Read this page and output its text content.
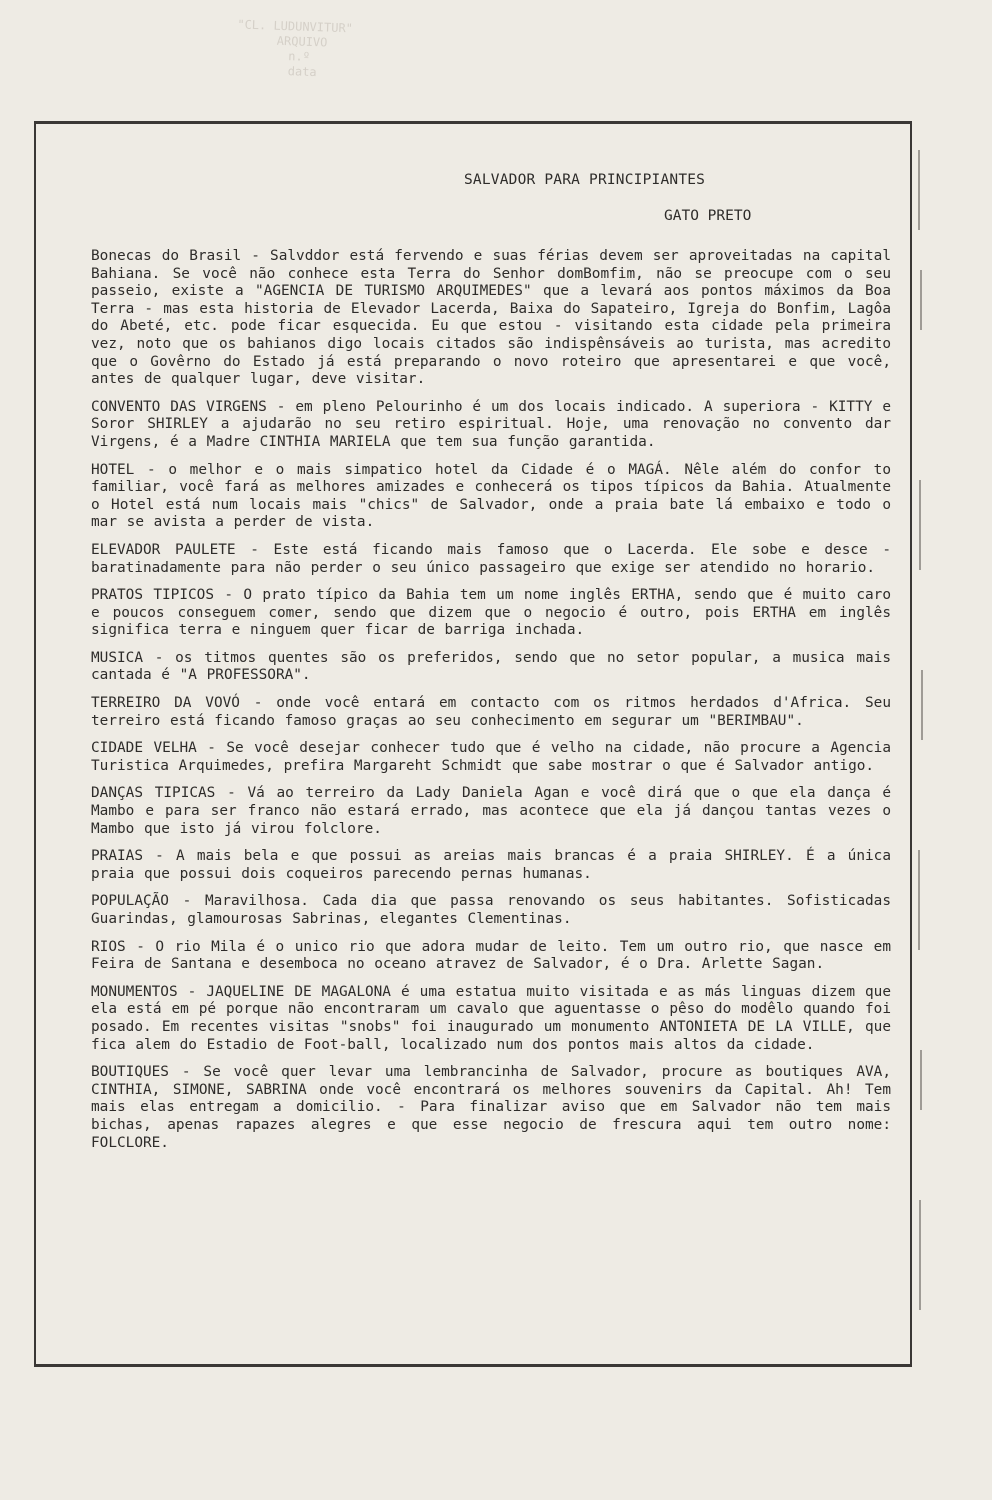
"CL. LUDUNVITUR"
ARQUIVO
n.º
data
SALVADOR PARA PRINCIPIANTES
GATO PRETO

Bonecas do Brasil - Salvddor está fervendo e suas férias devem ser aproveitadas na capital Bahiana. Se você não conhece esta Terra do Senhor domBomfim, não se preocupe com o seu passeio, existe a "AGENCIA DE TURISMO ARQUIMEDES" que a levará aos pontos máximos da Boa Terra - mas esta historia de Elevador Lacerda, Baixa do Sapateiro, Igreja do Bonfim, Lagôa do Abeté, etc. pode ficar esquecida. Eu que estou - visitando esta cidade pela primeira vez, noto que os bahianos digo locais citados são indispênsáveis ao turista, mas acredito que o Govêrno do Estado já está preparando o novo roteiro que apresentarei e que você, antes de qualquer lugar, deve visitar.

CONVENTO DAS VIRGENS - em pleno Pelourinho é um dos locais indicado. A superiora - KITTY e Soror SHIRLEY a ajudarão no seu retiro espiritual. Hoje, uma renovação no convento dar Virgens, é a Madre CINTHIA MARIELA que tem sua função garantida.

HOTEL - o melhor e o mais simpatico hotel da Cidade é o MAGÁ. Nêle além do confor to familiar, você fará as melhores amizades e conhecerá os tipos típicos da Bahia. Atualmente o Hotel está num locais mais "chics" de Salvador, onde a praia bate lá embaixo e todo o mar se avista a perder de vista.

ELEVADOR PAULETE - Este está ficando mais famoso que o Lacerda. Ele sobe e desce - baratinadamente para não perder o seu único passageiro que exige ser atendido no horario.

PRATOS TIPICOS - O prato típico da Bahia tem um nome inglês ERTHA, sendo que é muito caro e poucos conseguem comer, sendo que dizem que o negocio é outro, pois ERTHA em inglês significa terra e ninguem quer ficar de barriga inchada.

MUSICA - os titmos quentes são os preferidos, sendo que no setor popular, a musica mais cantada é "A PROFESSORA".

TERREIRO DA VOVÓ - onde você entará em contacto com os ritmos herdados d'Africa. Seu terreiro está ficando famoso graças ao seu conhecimento em segurar um "BERIMBAU".

CIDADE VELHA - Se você desejar conhecer tudo que é velho na cidade, não procure a Agencia Turistica Arquimedes, prefira Margareht Schmidt que sabe mostrar o que é Salvador antigo.

DANÇAS TIPICAS - Vá ao terreiro da Lady Daniela Agan e você dirá que o que ela dança é Mambo e para ser franco não estará errado, mas acontece que ela já dançou tantas vezes o Mambo que isto já virou folclore.

PRAIAS - A mais bela e que possui as areias mais brancas é a praia SHIRLEY. É a única praia que possui dois coqueiros parecendo pernas humanas.

POPULAÇÃO - Maravilhosa. Cada dia que passa renovando os seus habitantes. Sofisticadas Guarindas, glamourosas Sabrinas, elegantes Clementinas.

RIOS - O rio Mila é o unico rio que adora mudar de leito. Tem um outro rio, que nasce em Feira de Santana e desemboca no oceano atravez de Salvador, é o Dra. Arlette Sagan.

MONUMENTOS - JAQUELINE DE MAGALONA é uma estatua muito visitada e as más linguas dizem que ela está em pé porque não encontraram um cavalo que aguentasse o pêso do modêlo quando foi posado. Em recentes visitas "snobs" foi inaugurado um monumento ANTONIETA DE LA VILLE, que fica alem do Estadio de Foot-ball, localizado num dos pontos mais altos da cidade.

BOUTIQUES - Se você quer levar uma lembrancinha de Salvador, procure as boutiques AVA, CINTHIA, SIMONE, SABRINA onde você encontrará os melhores souvenirs da Capital. Ah! Tem mais elas entregam a domicilio. - Para finalizar aviso que em Salvador não tem mais bichas, apenas rapazes alegres e que esse negocio de frescura aqui tem outro nome: FOLCLORE.
